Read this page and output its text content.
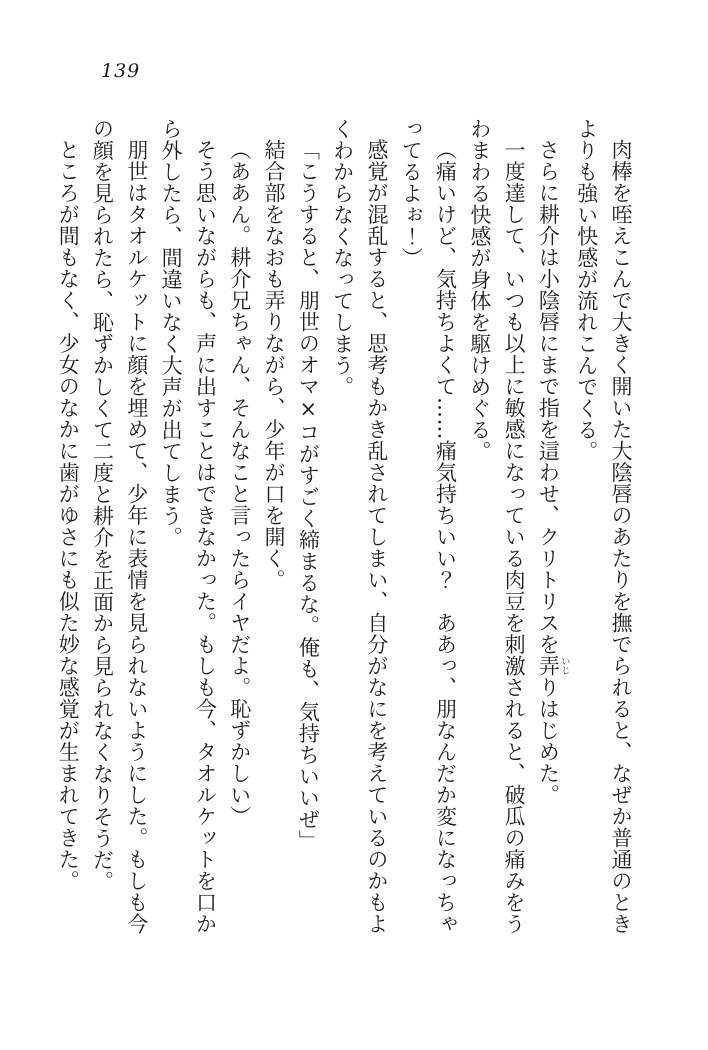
139

肉棒を咥えこんで大きく開いた大陰唇のあたりを撫でられると、なぜか普通のときよりも強い快感が流れこんでくる。

さらに耕介は小陰唇にまで指を這わせ、クリトリスを弄 いじりはじめた。

一度達して、いつも以上に敏感になっている肉豆を刺激されると、破瓜の痛みをうわまわる快感が身体を駆けめぐる。

（痛いけど、気持ちよくて……痛気持ちいい？　ああっ、朋なんだか変になっちゃってるよぉ！）

感覚が混乱すると、思考もかき乱されてしまい、自分がなにを考えているのかもよくわからなくなってしまう。

「こうすると、朋世のオマ×コがすごく締まるな。俺も、気持ちいいぜ」

結合部をなおも弄りながら、少年が口を開く。

（ああん。耕介兄ちゃん、そんなこと言ったらイヤだよ。恥ずかしい）

そう思いながらも、声に出すことはできなかった。もしも今、タオルケットを口から外したら、間違いなく大声が出てしまう。

朋世はタオルケットに顔を埋めて、少年に表情を見られないようにした。もしも今の顔を見られたら、恥ずかしくて二度と耕介を正面から見られなくなりそうだ。

ところが間もなく、少女のなかに歯がゆさにも似た妙な感覚が生まれてきた。
